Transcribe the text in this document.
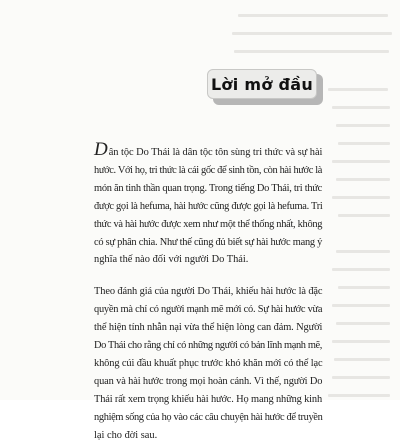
Lời mở đầu

Dân tộc Do Thái là dân tộc tôn sùng tri thức và sự hài
hước. Với họ, tri thức là cái gốc để sinh tồn, còn hài hước là
món ăn tinh thần quan trọng. Trong tiếng Do Thái, tri thức
được gọi là hefuma, hài hước cũng được gọi là hefuma. Tri
thức và hài hước được xem như một thể thống nhất, không
có sự phân chia. Như thế cũng đủ biết sự hài hước mang ý
nghĩa thế nào đối với người Do Thái.

Theo đánh giá của người Do Thái, khiếu hài hước là đặc
quyền mà chỉ có người mạnh mẽ mới có. Sự hài hước vừa
thể hiện tính nhẫn nại vừa thể hiện lòng can đảm. Người
Do Thái cho rằng chỉ có những người có bản lĩnh mạnh mẽ,
không cúi đầu khuất phục trước khó khăn mới có thể lạc
quan và hài hước trong mọi hoàn cảnh. Vì thế, người Do
Thái rất xem trọng khiếu hài hước. Họ mang những kinh
nghiệm sống của họ vào các câu chuyện hài hước để truyền
lại cho đời sau.
